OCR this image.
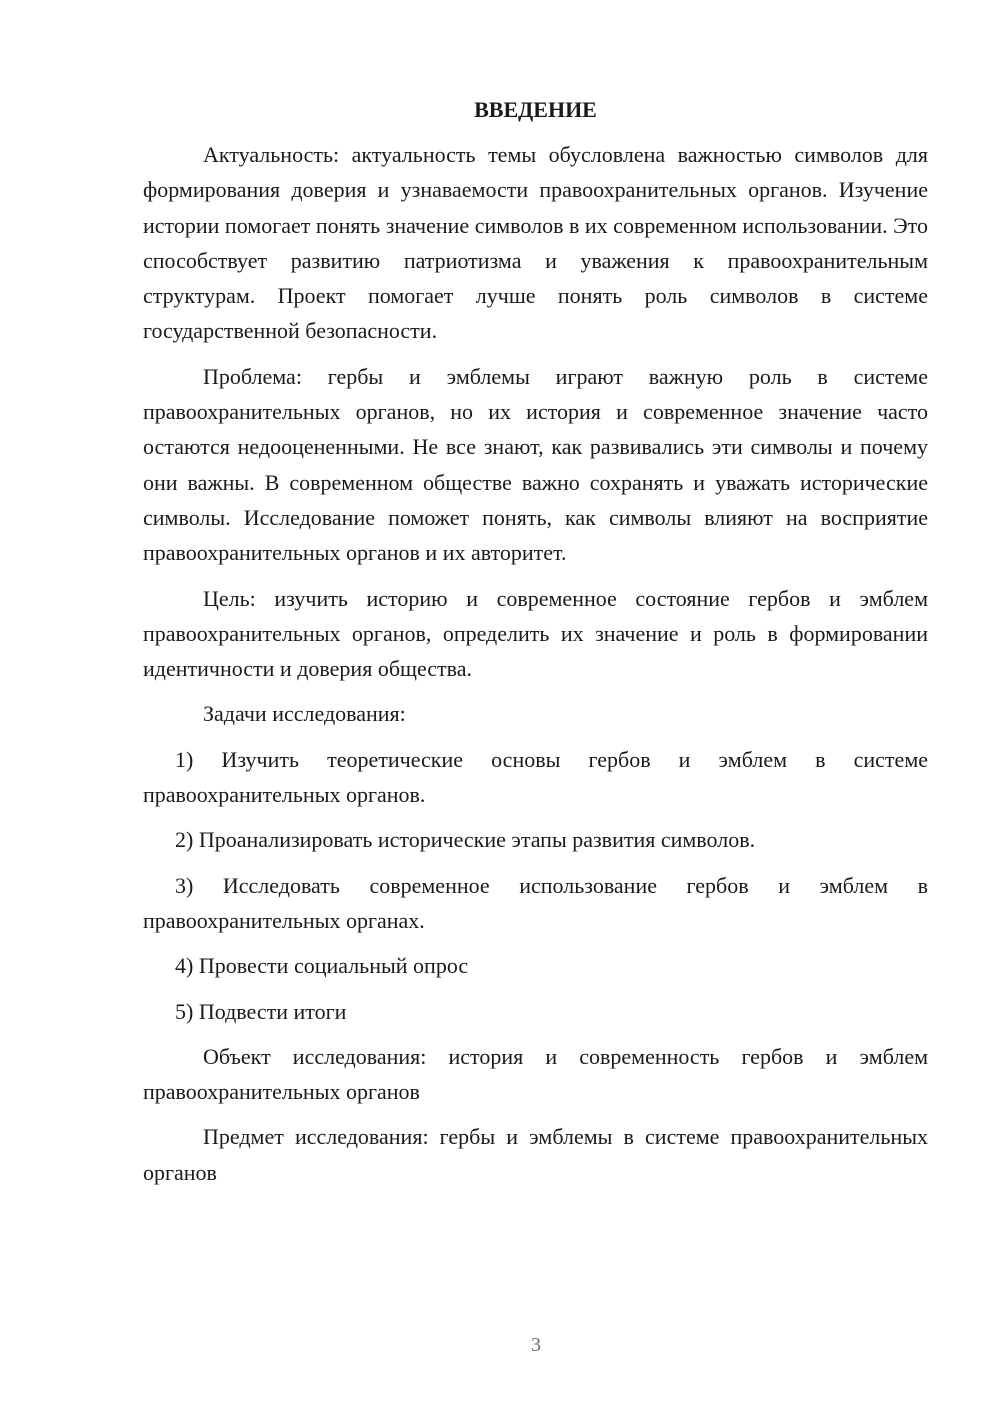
ВВЕДЕНИЕ

Актуальность: актуальность темы обусловлена важностью символов для формирования доверия и узнаваемости правоохранительных органов. Изучение истории помогает понять значение символов в их современном использовании. Это способствует развитию патриотизма и уважения к правоохранительным структурам. Проект помогает лучше понять роль символов в системе государственной безопасности.

Проблема: гербы и эмблемы играют важную роль в системе правоохранительных органов, но их история и современное значение часто остаются недооцененными. Не все знают, как развивались эти символы и почему они важны. В современном обществе важно сохранять и уважать исторические символы. Исследование поможет понять, как символы влияют на восприятие правоохранительных органов и их авторитет.

Цель: изучить историю и современное состояние гербов и эмблем правоохранительных органов, определить их значение и роль в формировании идентичности и доверия общества.

Задачи исследования:

1) Изучить теоретические основы гербов и эмблем в системе правоохранительных органов.

2) Проанализировать исторические этапы развития символов.

3) Исследовать современное использование гербов и эмблем в правоохранительных органах.

4) Провести социальный опрос

5) Подвести итоги

Объект исследования: история и современность гербов и эмблем правоохранительных органов

Предмет исследования: гербы и эмблемы в системе правоохранительных органов

3
